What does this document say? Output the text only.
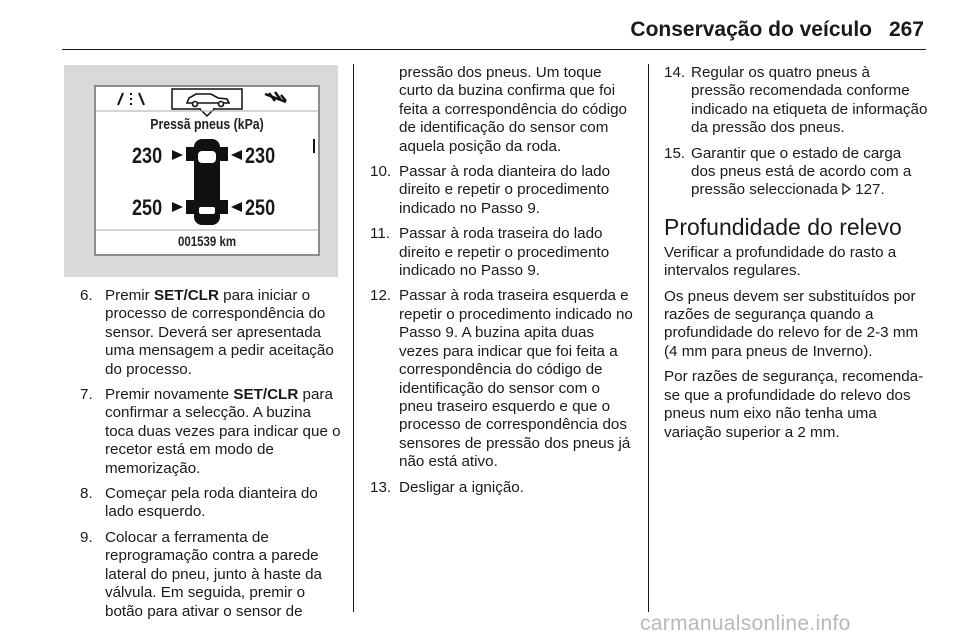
Conservação do veículo 267
Pressã pneus (kPa)
230	230
250	250
001539 km
6. Premir SET/CLR para iniciar o processo de correspondência do sensor. Deverá ser apresentada uma mensagem a pedir aceitação do processo.
7. Premir novamente SET/CLR para confirmar a selecção. A buzina toca duas vezes para indicar que o recetor está em modo de memorização.
8. Começar pela roda dianteira do lado esquerdo.
9. Colocar a ferramenta de reprogramação contra a parede lateral do pneu, junto à haste da válvula. Em seguida, premir o botão para ativar o sensor de
pressão dos pneus. Um toque curto da buzina confirma que foi feita a correspondência do código de identificação do sensor com aquela posição da roda.
10. Passar à roda dianteira do lado direito e repetir o procedimento indicado no Passo 9.
11. Passar à roda traseira do lado direito e repetir o procedimento indicado no Passo 9.
12. Passar à roda traseira esquerda e repetir o procedimento indicado no Passo 9. A buzina apita duas vezes para indicar que foi feita a correspondência do código de identificação do sensor com o pneu traseiro esquerdo e que o processo de correspondência dos sensores de pressão dos pneus já não está ativo.
13. Desligar a ignição.
14. Regular os quatro pneus à pressão recomendada conforme indicado na etiqueta de informação da pressão dos pneus.
15. Garantir que o estado de carga dos pneus está de acordo com a pressão seleccionada 127.
Profundidade do relevo

Verificar a profundidade do rasto a intervalos regulares.

Os pneus devem ser substituídos por razões de segurança quando a profundidade do relevo for de 2-3 mm (4 mm para pneus de Inverno).

Por razões de segurança, recomenda-se que a profundidade do relevo dos pneus num eixo não tenha uma variação superior a 2 mm.

carmanualsonline.info
